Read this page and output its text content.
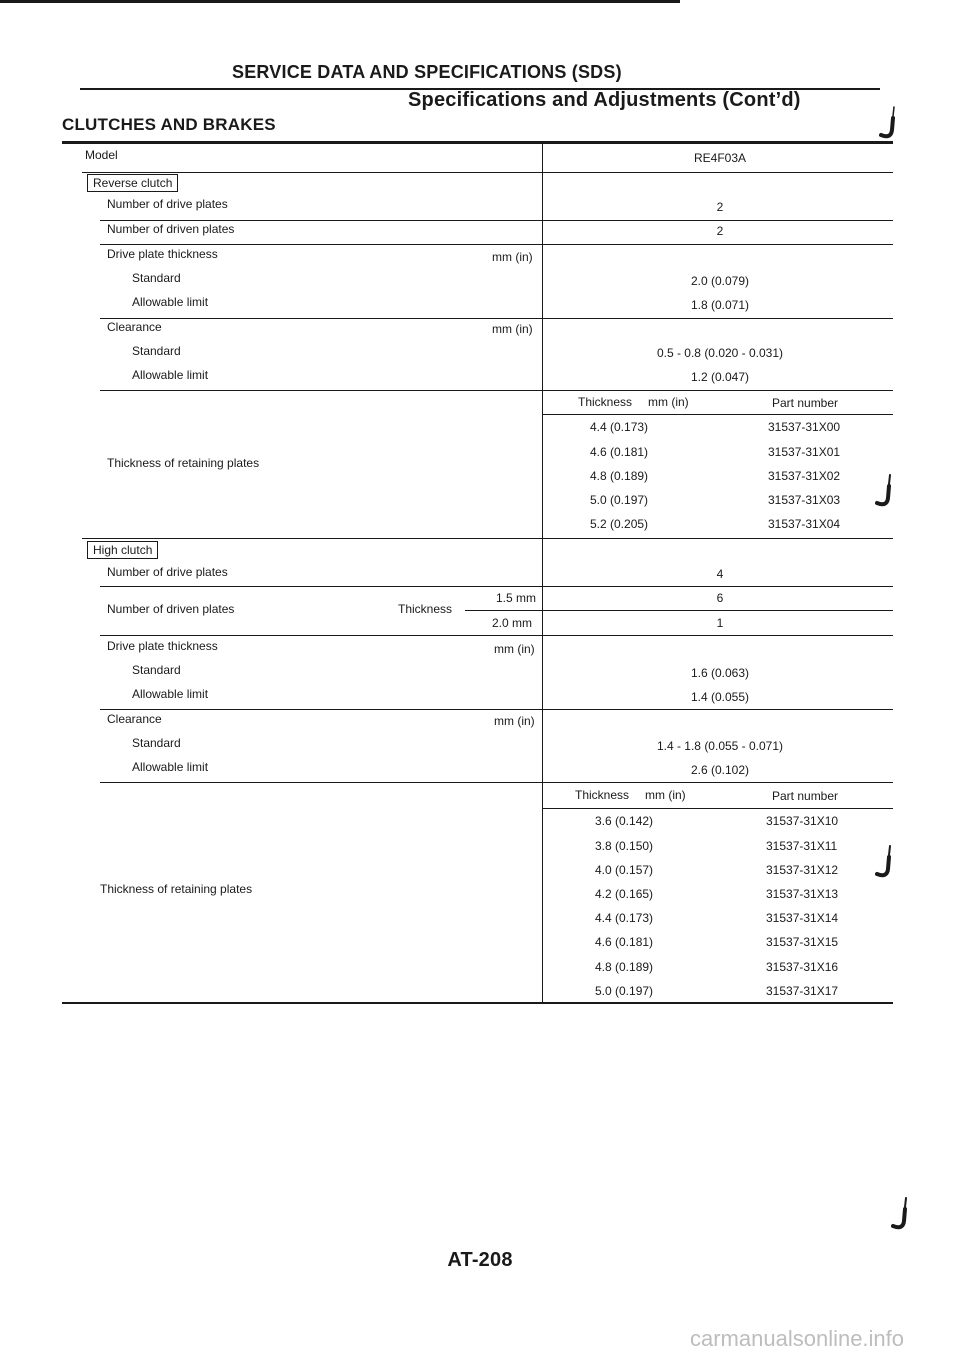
SERVICE DATA AND SPECIFICATIONS (SDS)
Specifications and Adjustments (Cont’d)
CLUTCHES AND BRAKES
Model	RE4F03A
Reverse clutch
Number of drive plates	2
Number of driven plates	2
Drive plate thickness	mm (in)
Standard	2.0 (0.079)
Allowable limit	1.8 (0.071)
Clearance	mm (in)
Standard	0.5 - 0.8 (0.020 - 0.031)
Allowable limit	1.2 (0.047)
Thickness of retaining plates
Thickness mm (in)	Part number
4.4 (0.173)	31537-31X00
4.6 (0.181)	31537-31X01
4.8 (0.189)	31537-31X02
5.0 (0.197)	31537-31X03
5.2 (0.205)	31537-31X04
High clutch
Number of drive plates	4
Number of driven plates	Thickness
1.5 mm	6
2.0 mm	1
Drive plate thickness	mm (in)
Standard	1.6 (0.063)
Allowable limit	1.4 (0.055)
Clearance	mm (in)
Standard	1.4 - 1.8 (0.055 - 0.071)
Allowable limit	2.6 (0.102)
Thickness of retaining plates
Thickness mm (in)	Part number
3.6 (0.142)	31537-31X10
3.8 (0.150)	31537-31X11
4.0 (0.157)	31537-31X12
4.2 (0.165)	31537-31X13
4.4 (0.173)	31537-31X14
4.6 (0.181)	31537-31X15
4.8 (0.189)	31537-31X16
5.0 (0.197)	31537-31X17
AT-208
carmanualsonline.info
